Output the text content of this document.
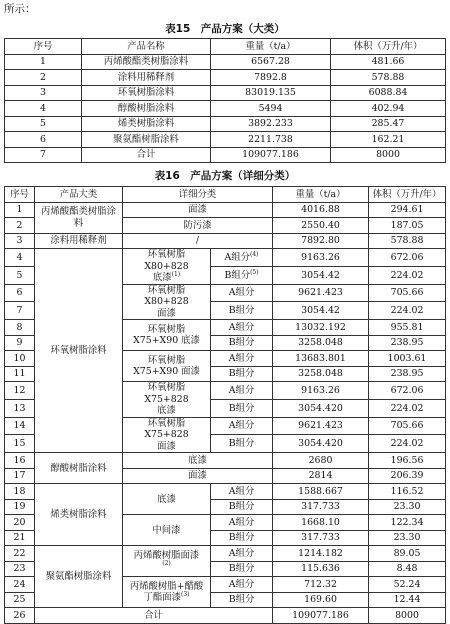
所示：
表15　产品方案（大类）
序号	产品名称	重量（t/a）	体积（万升/年）
1	丙烯酸酯类树脂涂料	6567.28	481.66
2	涂料用稀释剂	7892.8	578.88
3	环氧树脂涂料	83019.135	6088.84
4	醇酸树脂涂料	5494	402.94
5	烯类树脂涂料	3892.233	285.47
6	聚氨酯树脂涂料	2211.738	162.21
7	合计	109077.186	8000
表16　产品方案（详细分类）
序号	产品大类	详细分类		重量（t/a）	体积（万升/年）
1	丙烯酸酯类树脂涂
料	面漆		4016.88	294.61
2		防污漆		2550.40	187.05
3	涂料用稀释剂	/		7892.80	578.88
4	环氧树脂涂料	环氧树脂 X80+828
底漆$^{(1)}$	A组分$^{(4)}$	9163.26	672.06
5			B组分$^{(5)}$	3054.42	224.02
6		环氧树脂 X80+828
面漆	A组分	9621.423	705.66
7			B组分	3054.42	224.02
8		环氧树脂
X75+X90 底漆	A组分	13032.192	955.81
9			B组分	3258.048	238.95
10		环氧树脂
X75+X90 面漆	A组分	13683.801	1003.61
11			B组分	3258.048	238.95
12		环氧树脂 X75+828
底漆	A组分	9163.26	672.06
13			B组分	3054.420	224.02
14		环氧树脂 X75+828
面漆	A组分	9621.423	705.66
15			B组分	3054.420	224.02
16	醇酸树脂涂料	底漆		2680	196.56
17		面漆		2814	206.39
18	烯类树脂涂料	底漆	A组分	1588.667	116.52
19			B组分	317.733	23.30
20		中间漆	A组分	1668.10	122.34
21			B组分	317.733	23.30
22	聚氨酯树脂涂料	丙烯酸树脂面漆
$^{(2)}$	A组分	1214.182	89.05
23			B组分	115.636	8.48
24		丙烯酸树脂+醋酸
丁酯面漆$^{(3)}$	A组分	712.32	52.24
25			B组分	169.60	12.44
26	合计			109077.186	8000
